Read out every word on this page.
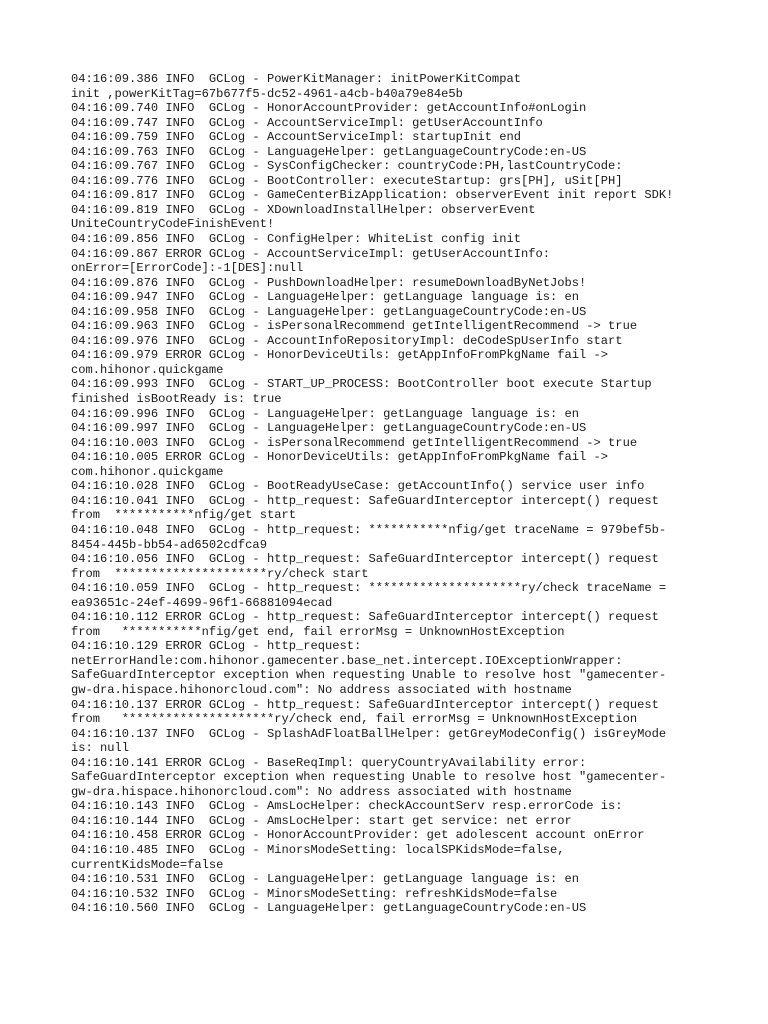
04:16:09.386 INFO  GCLog - PowerKitManager: initPowerKitCompat
init ,powerKitTag=67b677f5-dc52-4961-a4cb-b40a79e84e5b
04:16:09.740 INFO  GCLog - HonorAccountProvider: getAccountInfo#onLogin
04:16:09.747 INFO  GCLog - AccountServiceImpl: getUserAccountInfo
04:16:09.759 INFO  GCLog - AccountServiceImpl: startupInit end
04:16:09.763 INFO  GCLog - LanguageHelper: getLanguageCountryCode:en-US
04:16:09.767 INFO  GCLog - SysConfigChecker: countryCode:PH,lastCountryCode:
04:16:09.776 INFO  GCLog - BootController: executeStartup: grs[PH], uSit[PH]
04:16:09.817 INFO  GCLog - GameCenterBizApplication: observerEvent init report SDK!
04:16:09.819 INFO  GCLog - XDownloadInstallHelper: observerEvent
UniteCountryCodeFinishEvent!
04:16:09.856 INFO  GCLog - ConfigHelper: WhiteList config init
04:16:09.867 ERROR GCLog - AccountServiceImpl: getUserAccountInfo:
onError=[ErrorCode]:-1[DES]:null
04:16:09.876 INFO  GCLog - PushDownloadHelper: resumeDownloadByNetJobs!
04:16:09.947 INFO  GCLog - LanguageHelper: getLanguage language is: en
04:16:09.958 INFO  GCLog - LanguageHelper: getLanguageCountryCode:en-US
04:16:09.963 INFO  GCLog - isPersonalRecommend getIntelligentRecommend -> true
04:16:09.976 INFO  GCLog - AccountInfoRepositoryImpl: deCodeSpUserInfo start
04:16:09.979 ERROR GCLog - HonorDeviceUtils: getAppInfoFromPkgName fail ->
com.hihonor.quickgame
04:16:09.993 INFO  GCLog - START_UP_PROCESS: BootController boot execute Startup
finished isBootReady is: true
04:16:09.996 INFO  GCLog - LanguageHelper: getLanguage language is: en
04:16:09.997 INFO  GCLog - LanguageHelper: getLanguageCountryCode:en-US
04:16:10.003 INFO  GCLog - isPersonalRecommend getIntelligentRecommend -> true
04:16:10.005 ERROR GCLog - HonorDeviceUtils: getAppInfoFromPkgName fail ->
com.hihonor.quickgame
04:16:10.028 INFO  GCLog - BootReadyUseCase: getAccountInfo() service user info
04:16:10.041 INFO  GCLog - http_request: SafeGuardInterceptor intercept() request
from  ***********nfig/get start
04:16:10.048 INFO  GCLog - http_request: ***********nfig/get traceName = 979bef5b-
8454-445b-bb54-ad6502cdfca9
04:16:10.056 INFO  GCLog - http_request: SafeGuardInterceptor intercept() request
from  *********************ry/check start
04:16:10.059 INFO  GCLog - http_request: *********************ry/check traceName =
ea93651c-24ef-4699-96f1-66881094ecad
04:16:10.112 ERROR GCLog - http_request: SafeGuardInterceptor intercept() request
from   ***********nfig/get end, fail errorMsg = UnknownHostException
04:16:10.129 ERROR GCLog - http_request:
netErrorHandle:com.hihonor.gamecenter.base_net.intercept.IOExceptionWrapper:
SafeGuardInterceptor exception when requesting Unable to resolve host "gamecenter-
gw-dra.hispace.hihonorcloud.com": No address associated with hostname
04:16:10.137 ERROR GCLog - http_request: SafeGuardInterceptor intercept() request
from   *********************ry/check end, fail errorMsg = UnknownHostException
04:16:10.137 INFO  GCLog - SplashAdFloatBallHelper: getGreyModeConfig() isGreyMode
is: null
04:16:10.141 ERROR GCLog - BaseReqImpl: queryCountryAvailability error:
SafeGuardInterceptor exception when requesting Unable to resolve host "gamecenter-
gw-dra.hispace.hihonorcloud.com": No address associated with hostname
04:16:10.143 INFO  GCLog - AmsLocHelper: checkAccountServ resp.errorCode is:
04:16:10.144 INFO  GCLog - AmsLocHelper: start get service: net error
04:16:10.458 ERROR GCLog - HonorAccountProvider: get adolescent account onError
04:16:10.485 INFO  GCLog - MinorsModeSetting: localSPKidsMode=false,
currentKidsMode=false
04:16:10.531 INFO  GCLog - LanguageHelper: getLanguage language is: en
04:16:10.532 INFO  GCLog - MinorsModeSetting: refreshKidsMode=false
04:16:10.560 INFO  GCLog - LanguageHelper: getLanguageCountryCode:en-US
